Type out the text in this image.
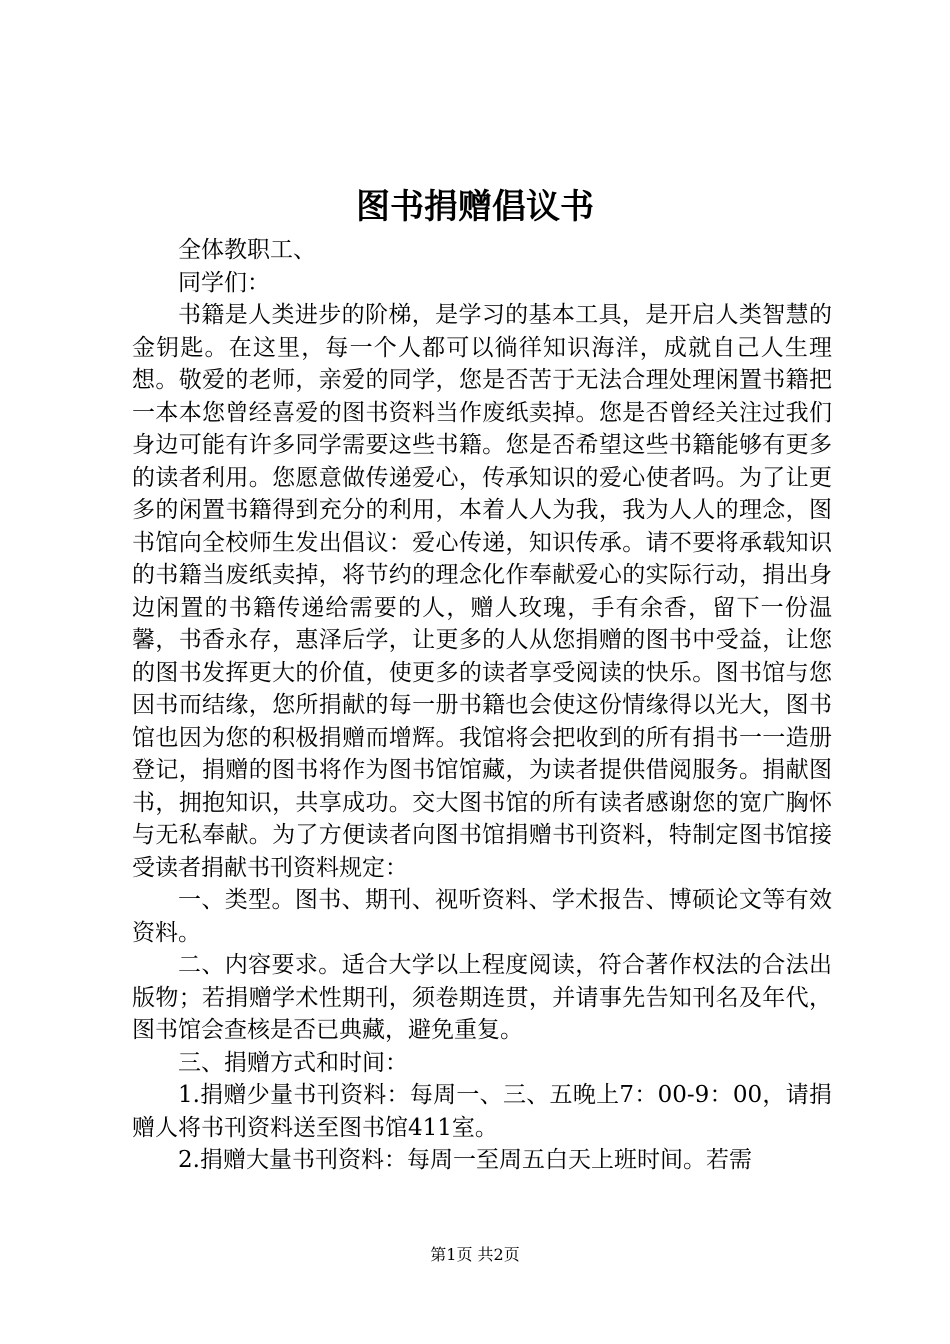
图书捐赠倡议书

全体教职工、

同学们：

书籍是人类进步的阶梯，是学习的基本工具，是开启人类智慧的金钥匙。在这里，每一个人都可以徜徉知识海洋，成就自己人生理想。敬爱的老师，亲爱的同学，您是否苦于无法合理处理闲置书籍把一本本您曾经喜爱的图书资料当作废纸卖掉。您是否曾经关注过我们身边可能有许多同学需要这些书籍。您是否希望这些书籍能够有更多的读者利用。您愿意做传递爱心，传承知识的爱心使者吗。为了让更多的闲置书籍得到充分的利用，本着人人为我，我为人人的理念，图书馆向全校师生发出倡议：爱心传递，知识传承。请不要将承载知识的书籍当废纸卖掉，将节约的理念化作奉献爱心的实际行动，捐出身边闲置的书籍传递给需要的人，赠人玫瑰，手有余香，留下一份温馨，书香永存，惠泽后学，让更多的人从您捐赠的图书中受益，让您的图书发挥更大的价值，使更多的读者享受阅读的快乐。图书馆与您因书而结缘，您所捐献的每一册书籍也会使这份情缘得以光大，图书馆也因为您的积极捐赠而增辉。我馆将会把收到的所有捐书一一造册登记，捐赠的图书将作为图书馆馆藏，为读者提供借阅服务。捐献图书，拥抱知识，共享成功。交大图书馆的所有读者感谢您的宽广胸怀与无私奉献。为了方便读者向图书馆捐赠书刊资料，特制定图书馆接受读者捐献书刊资料规定：

一、类型。图书、期刊、视听资料、学术报告、博硕论文等有效资料。

二、内容要求。适合大学以上程度阅读，符合著作权法的合法出版物；若捐赠学术性期刊，须卷期连贯，并请事先告知刊名及年代，图书馆会查核是否已典藏，避免重复。

三、捐赠方式和时间：

1.捐赠少量书刊资料：每周一、三、五晚上7：00-9：00，请捐赠人将书刊资料送至图书馆411室。

2.捐赠大量书刊资料：每周一至周五白天上班时间。若需

第1页 共2页
